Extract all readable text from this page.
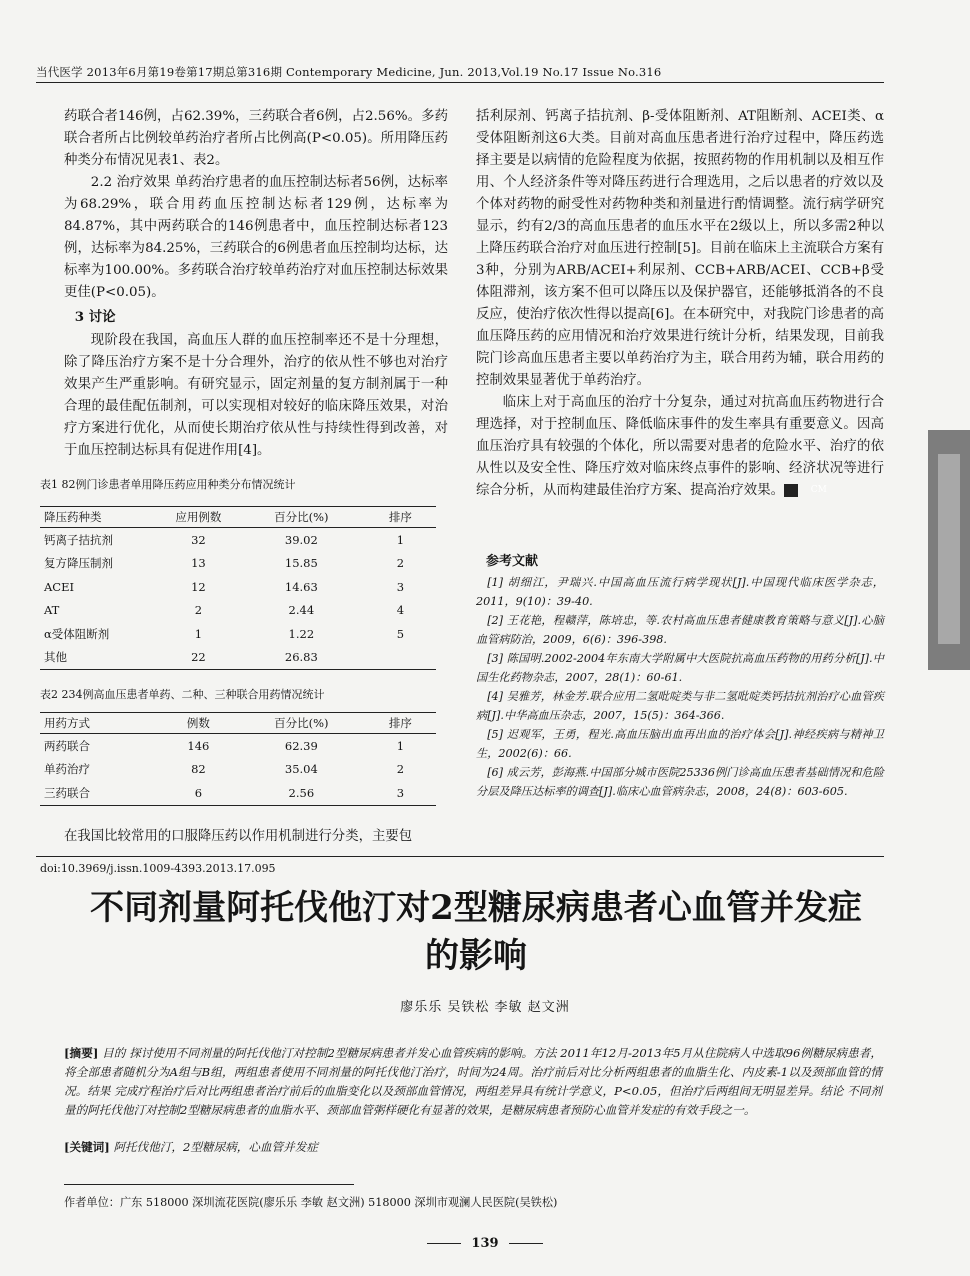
当代医学 2013年6月第19卷第17期总第316期 Contemporary Medicine, Jun. 2013,Vol.19 No.17 Issue No.316

药联合者146例，占62.39%，三药联合者6例，占2.56%。多药联合者所占比例较单药治疗者所占比例高(P<0.05)。所用降压药种类分布情况见表1、表2。

2.2 治疗效果 单药治疗患者的血压控制达标者56例，达标率为68.29%，联合用药血压控制达标者129例，达标率为84.87%，其中两药联合的146例患者中，血压控制达标者123例，达标率为84.25%，三药联合的6例患者血压控制均达标，达标率为100.00%。多药联合治疗较单药治疗对血压控制达标效果更佳(P<0.05)。

3 讨论

现阶段在我国，高血压人群的血压控制率还不是十分理想，除了降压治疗方案不是十分合理外，治疗的依从性不够也对治疗效果产生严重影响。有研究显示，固定剂量的复方制剂属于一种合理的最佳配伍制剂，可以实现相对较好的临床降压效果，对治疗方案进行优化，从而使长期治疗依从性与持续性得到改善，对于血压控制达标具有促进作用[4]。

表1 82例门诊患者单用降压药应用种类分布情况统计

降压药种类	应用例数	百分比(%)	排序
钙离子拮抗剂	32	39.02	1
复方降压制剂	13	15.85	2
ACEI	12	14.63	3
AT	2	2.44	4
α受体阻断剂	1	1.22	5
其他	22	26.83	

表2 234例高血压患者单药、二种、三种联合用药情况统计

用药方式	例数	百分比(%)	排序
两药联合	146	62.39	1
单药治疗	82	35.04	2
三药联合	6	2.56	3
在我国比较常用的口服降压药以作用机制进行分类，主要包

括利尿剂、钙离子拮抗剂、β-受体阻断剂、AT阻断剂、ACEI类、α受体阻断剂这6大类。目前对高血压患者进行治疗过程中，降压药选择主要是以病情的危险程度为依据，按照药物的作用机制以及相互作用、个人经济条件等对降压药进行合理选用，之后以患者的疗效以及个体对药物的耐受性对药物种类和剂量进行酌情调整。流行病学研究显示，约有2/3的高血压患者的血压水平在2级以上，所以多需2种以上降压药联合治疗对血压进行控制[5]。目前在临床上主流联合方案有3种，分别为ARB/ACEI+利尿剂、CCB+ARB/ACEI、CCB+β受体阻滞剂，该方案不但可以降压以及保护器官，还能够抵消各的不良反应，使治疗依次性得以提高[6]。在本研究中，对我院门诊患者的高血压降压药的应用情况和治疗效果进行统计分析，结果发现，目前我院门诊高血压患者主要以单药治疗为主，联合用药为辅，联合用药的控制效果显著优于单药治疗。

临床上对于高血压的治疗十分复杂，通过对抗高血压药物进行合理选择，对于控制血压、降低临床事件的发生率具有重要意义。因高血压治疗具有较强的个体化，所以需要对患者的危险水平、治疗的依从性以及安全性、降压疗效对临床终点事件的影响、经济状况等进行综合分析，从而构建最佳治疗方案、提高治疗效果。	CM

参考文献

[1] 胡细江，尹瑞兴.中国高血压流行病学现状[J].中国现代临床医学杂志，2011，9(10)：39-40.

[2] 王花艳，程赣萍，陈培忠，等.农村高血压患者健康教育策略与意义[J].心脑血管病防治，2009，6(6)：396-398.

[3] 陈国明.2002-2004年东南大学附属中大医院抗高血压药物的用药分析[J].中国生化药物杂志，2007，28(1)：60-61.

[4] 吴雅芳，林金芳.联合应用二氢吡啶类与非二氢吡啶类钙拮抗剂治疗心血管疾病[J].中华高血压杂志，2007，15(5)：364-366.

[5] 迟观军，王勇，程光.高血压脑出血再出血的治疗体会[J].神经疾病与精神卫生，2002(6)：66.

[6] 成云芳，彭海燕.中国部分城市医院25336例门诊高血压患者基础情况和危险分层及降压达标率的调查[J].临床心血管病杂志，2008，24(8)：603-605.

doi:10.3969/j.issn.1009-4393.2013.17.095
不同剂量阿托伐他汀对2型糖尿病患者心血管并发症
的影响
廖乐乐 吴铁松 李敏 赵文洲
[摘要] 目的 探讨使用不同剂量的阿托伐他汀对控制2型糖尿病患者并发心血管疾病的影响。方法 2011年12月-2013年5月从住院病人中选取96例糖尿病患者，将全部患者随机分为A组与B组，两组患者使用不同剂量的阿托伐他汀治疗，时间为24周。治疗前后对比分析两组患者的血脂生化、内皮素-1以及颈部血管的情况。结果 完成疗程治疗后对比两组患者治疗前后的血脂变化以及颈部血管情况，两组差异具有统计学意义，P<0.05，但治疗后两组间无明显差异。结论 不同剂量的阿托伐他汀对控制2型糖尿病患者的血脂水平、颈部血管粥样硬化有显著的效果，是糖尿病患者预防心血管并发症的有效手段之一。
[关键词] 阿托伐他汀，2型糖尿病，心血管并发症
作者单位：广东 518000 深圳流花医院(廖乐乐 李敏 赵文洲) 518000 深圳市观澜人民医院(吴铁松)
139
